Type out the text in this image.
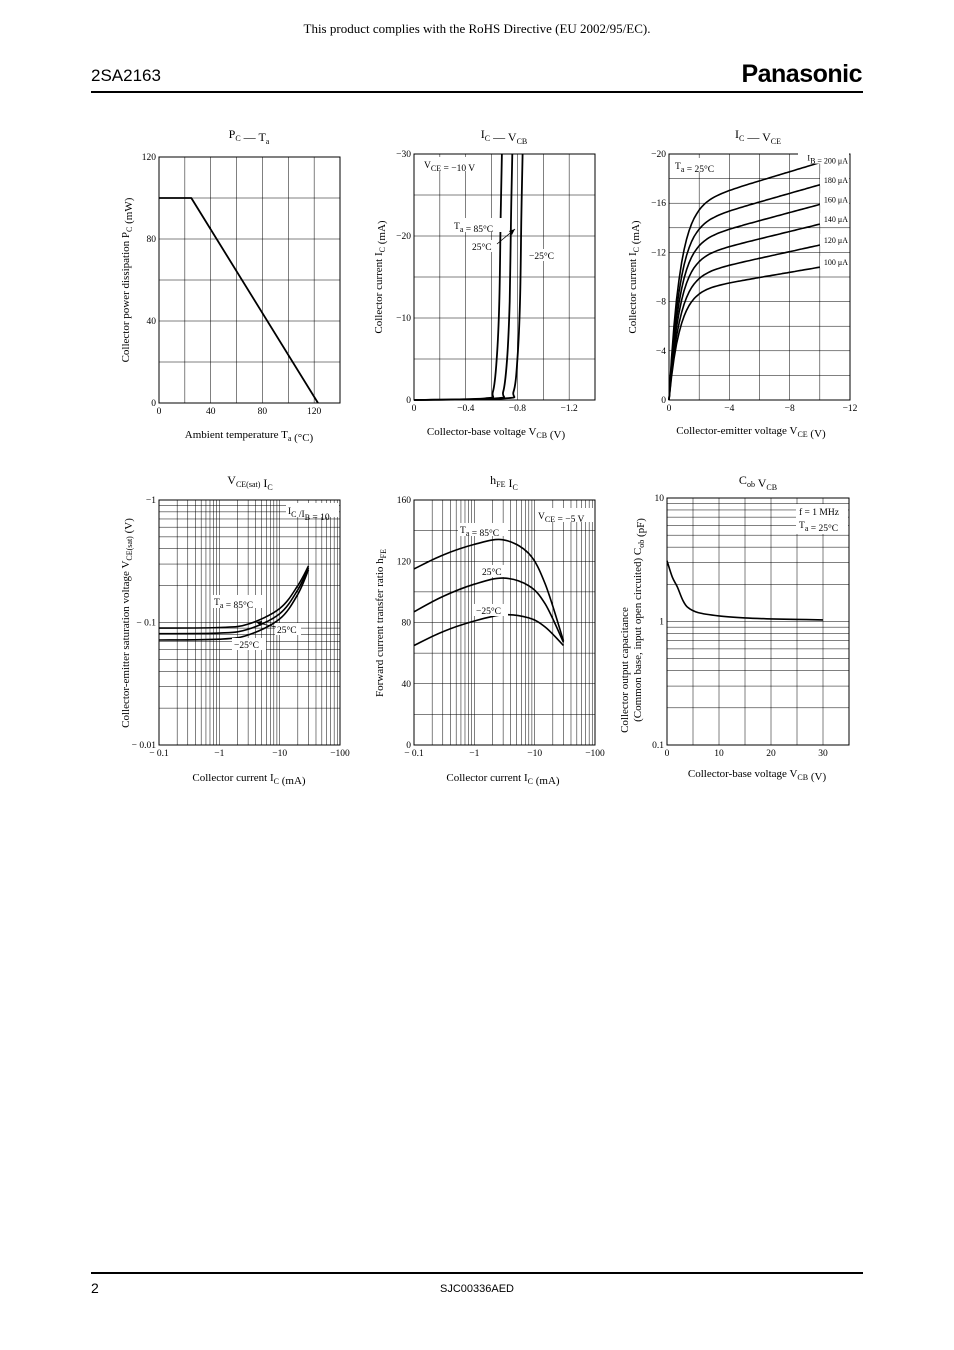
This product complies with the RoHS Directive (EU 2002/95/EC).
2SA2163	Panasonic
0	40	80	120
0
40
80
120
$P_C$ — $T_a$
Ambient temperature $T_a$ (°C)
Collector power dissipation $P_C$ (mW)
0	−0.4	−0.8	−1.2
0
−10
−20
−30
$V_{CE} = -10$ V
$T_a = 85^\circ C$
25°C
−25°C
$I_C$ — $V_{CB}$
Collector-base voltage $V_{CB}$ (V)
Collector current $I_C$ (mA)
0	−4	−8	−12
0
−4
−8
−12
−16
−20
$T_a = 25^\circ C$
IB = 200 μA
180 μA
160 μA
140 μA
120 μA
100 μA
$I_C$ — $V_{CE}$
Collector-emitter voltage $V_{CE}$ (V)
Collector current $I_C$ (mA)
− 0.1	−1	−10	−100
− 0.01
− 0.1
−1
$I_C$ $/I_B = 10$
$T_a = 85^\circ C$
25°C
−25°C
$V_{CE(sat)}$ $I_C$
Collector current $I_C$ (mA)
Collector-emitter saturation voltage $V_{CE(sat)}$ (V)
− 0.1	−1	−10	−100
0
40
80
120
160
$V_{CE} = -5$ V
$T_a = 85^\circ C$
25°C
−25°C
$h_{FE}$ $I_C$
Collector current $I_C$ (mA)
Forward current transfer ratio $h_{FE}$
0	10	20	30
0.1
1
10
f = 1 MHz
$T_a = 25^\circ C$
$C_{ob}$ $V_{CB}$
Collector-base voltage $V_{CB}$ (V)
Collector output capacitance (Common base, input open circuited) $C_{ob}$ (pF)
2	SJC00336AED
